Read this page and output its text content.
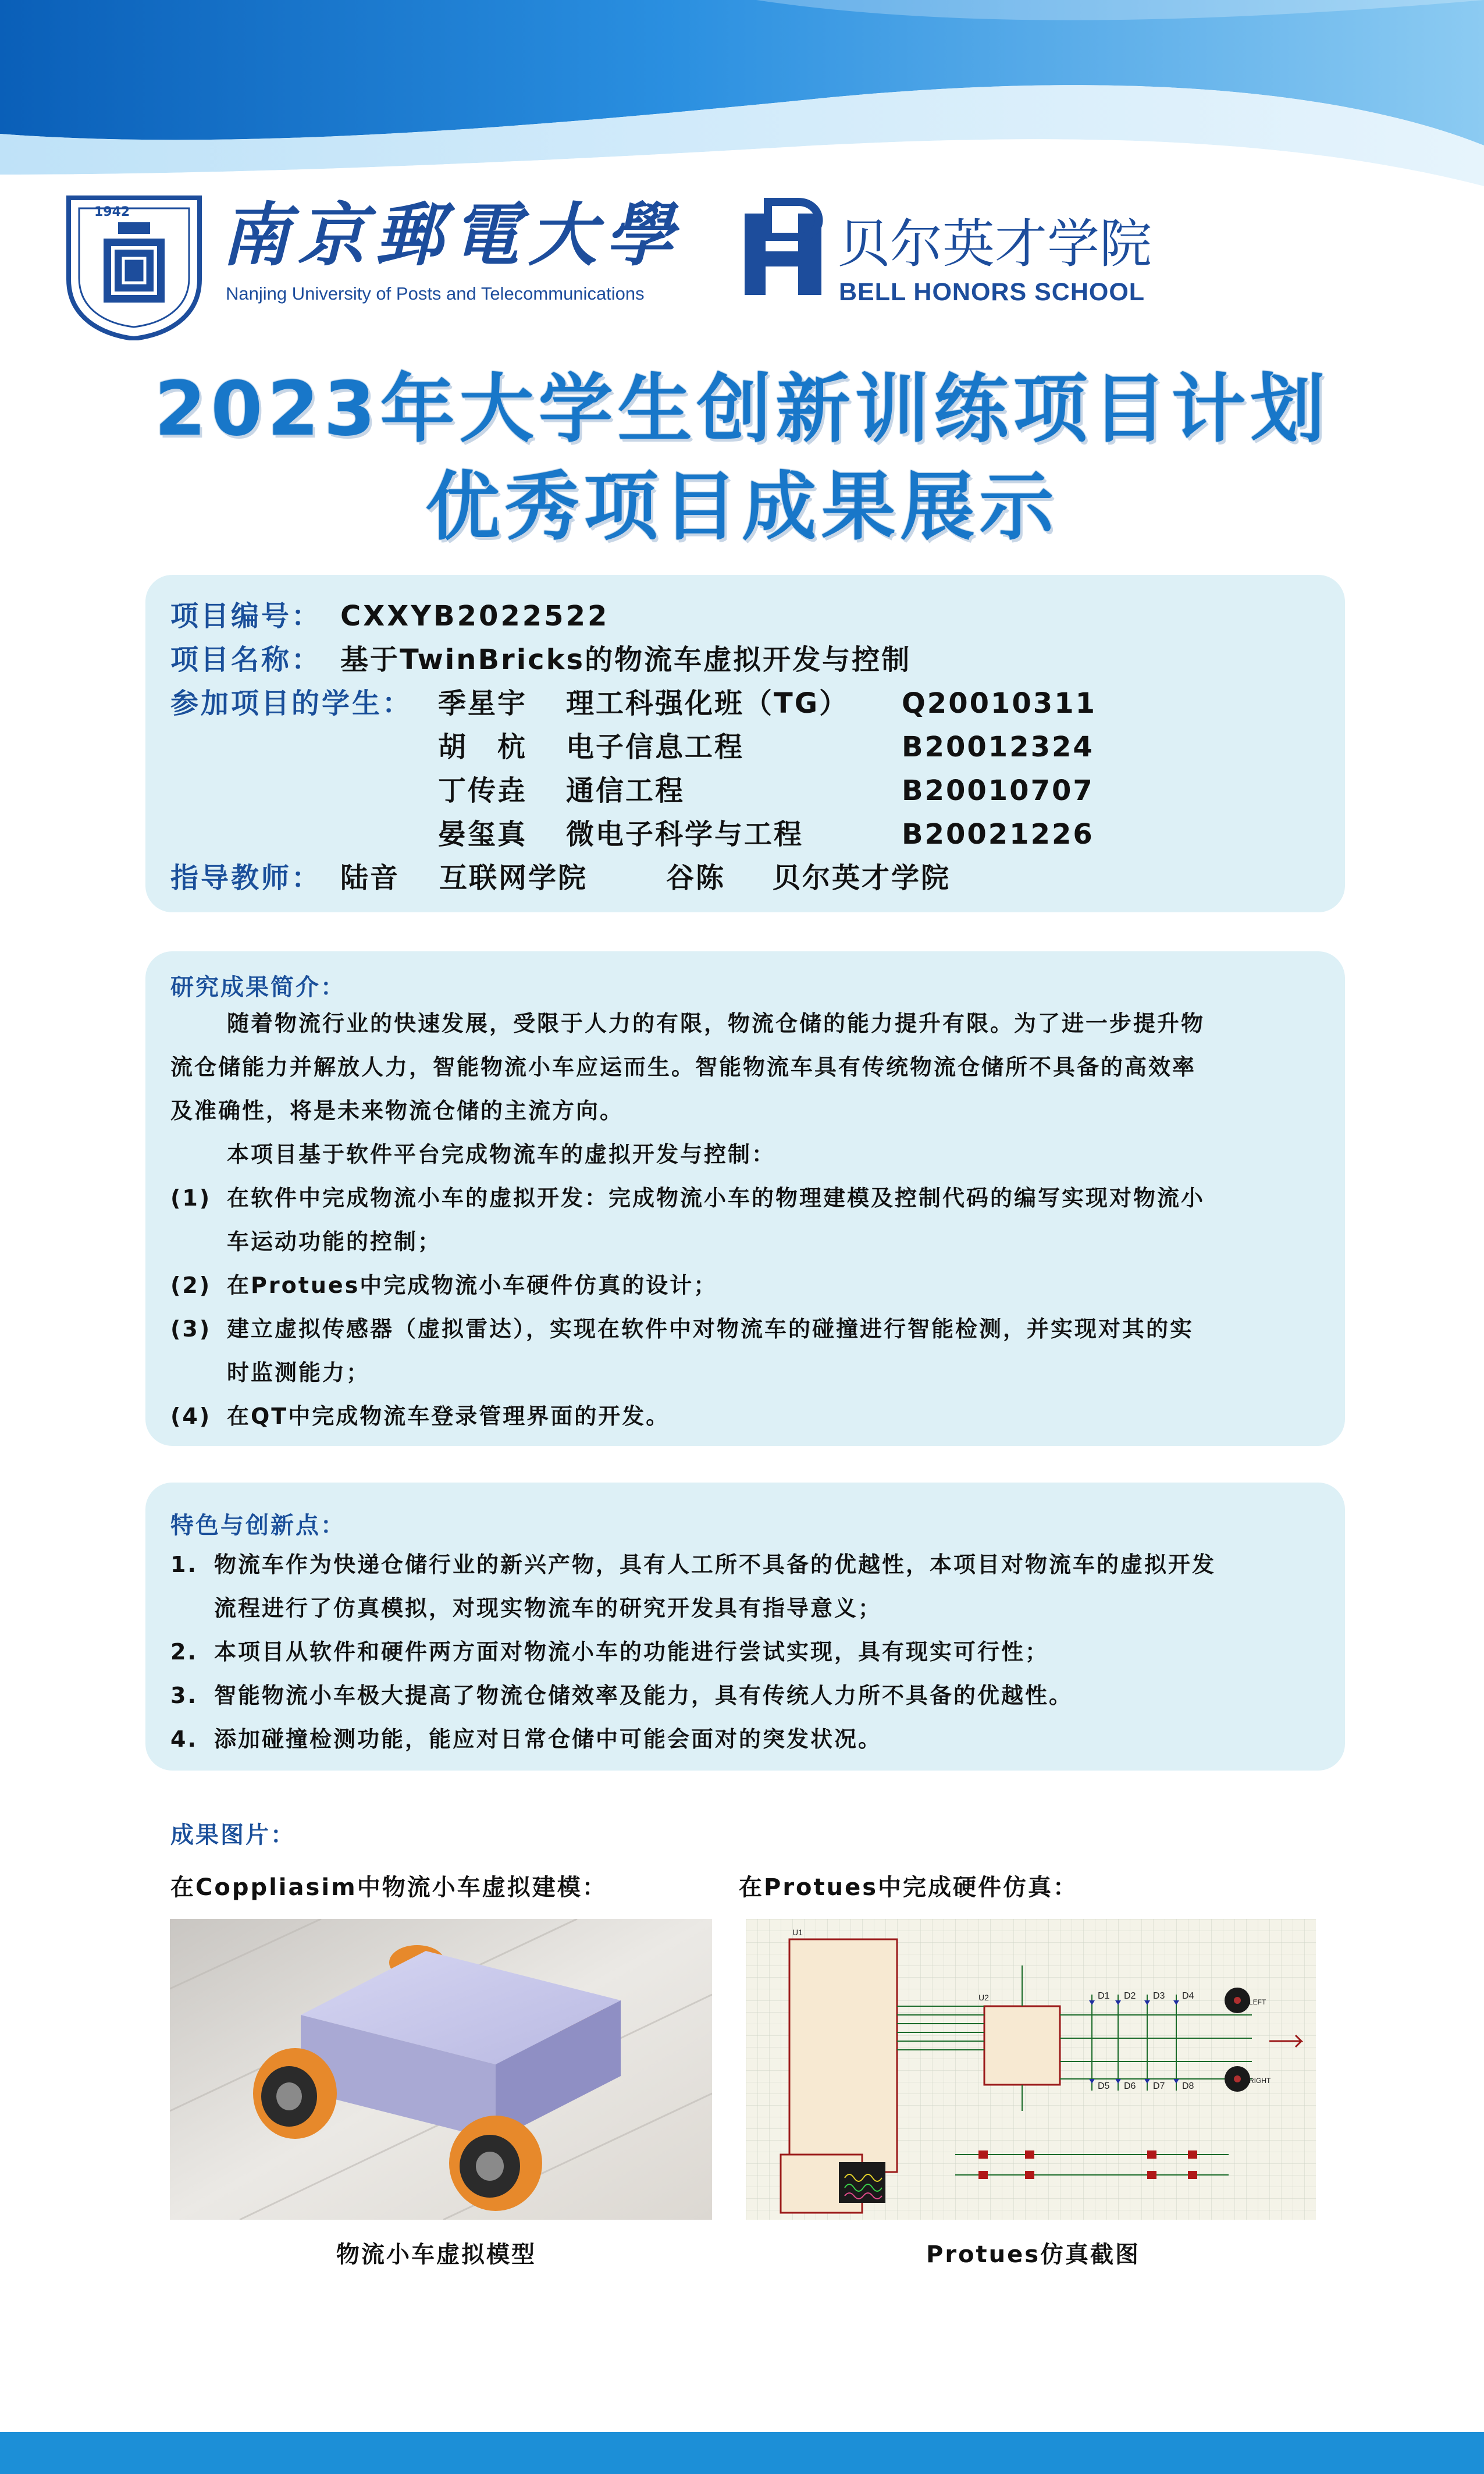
1942 南京郵電大學
Nanjing University of Posts and Telecommunications
贝尔英才学院
BELL HONORS SCHOOL
2023年大学生创新训练项目计划
优秀项目成果展示
项目编号： CXXYB2022522
项目名称： 基于TwinBricks的物流车虚拟开发与控制
参加项目的学生： 季星宇 理工科强化班（TG） Q20010311
胡　杭 电子信息工程	B20012324
丁传垚 通信工程	B20010707
晏玺真 微电子科学与工程	B20021226
指导教师： 陆音 互联网学院	谷陈 贝尔英才学院
研究成果简介：
随着物流行业的快速发展，受限于人力的有限，物流仓储的能力提升有限。为了进一步提升物
流仓储能力并解放人力，智能物流小车应运而生。智能物流车具有传统物流仓储所不具备的高效率
及准确性，将是未来物流仓储的主流方向。
本项目基于软件平台完成物流车的虚拟开发与控制：
(1) 在软件中完成物流小车的虚拟开发：完成物流小车的物理建模及控制代码的编写实现对物流小
车运动功能的控制；
(2) 在Protues中完成物流小车硬件仿真的设计；
(3) 建立虚拟传感器（虚拟雷达），实现在软件中对物流车的碰撞进行智能检测，并实现对其的实
时监测能力；
(4) 在QT中完成物流车登录管理界面的开发。
特色与创新点：
1. 物流车作为快递仓储行业的新兴产物，具有人工所不具备的优越性，本项目对物流车的虚拟开发
流程进行了仿真模拟，对现实物流车的研究开发具有指导意义；
2. 本项目从软件和硬件两方面对物流小车的功能进行尝试实现，具有现实可行性；
3. 智能物流小车极大提高了物流仓储效率及能力，具有传统人力所不具备的优越性。
4. 添加碰撞检测功能，能应对日常仓储中可能会面对的突发状况。
成果图片：
在Coppliasim中物流小车虚拟建模：	在Protues中完成硬件仿真：
U1
U2	D1 D2 D3 D4
D5 D6 D7 D8
LEFT
RIGHT
物流小车虚拟模型	Protues仿真截图
